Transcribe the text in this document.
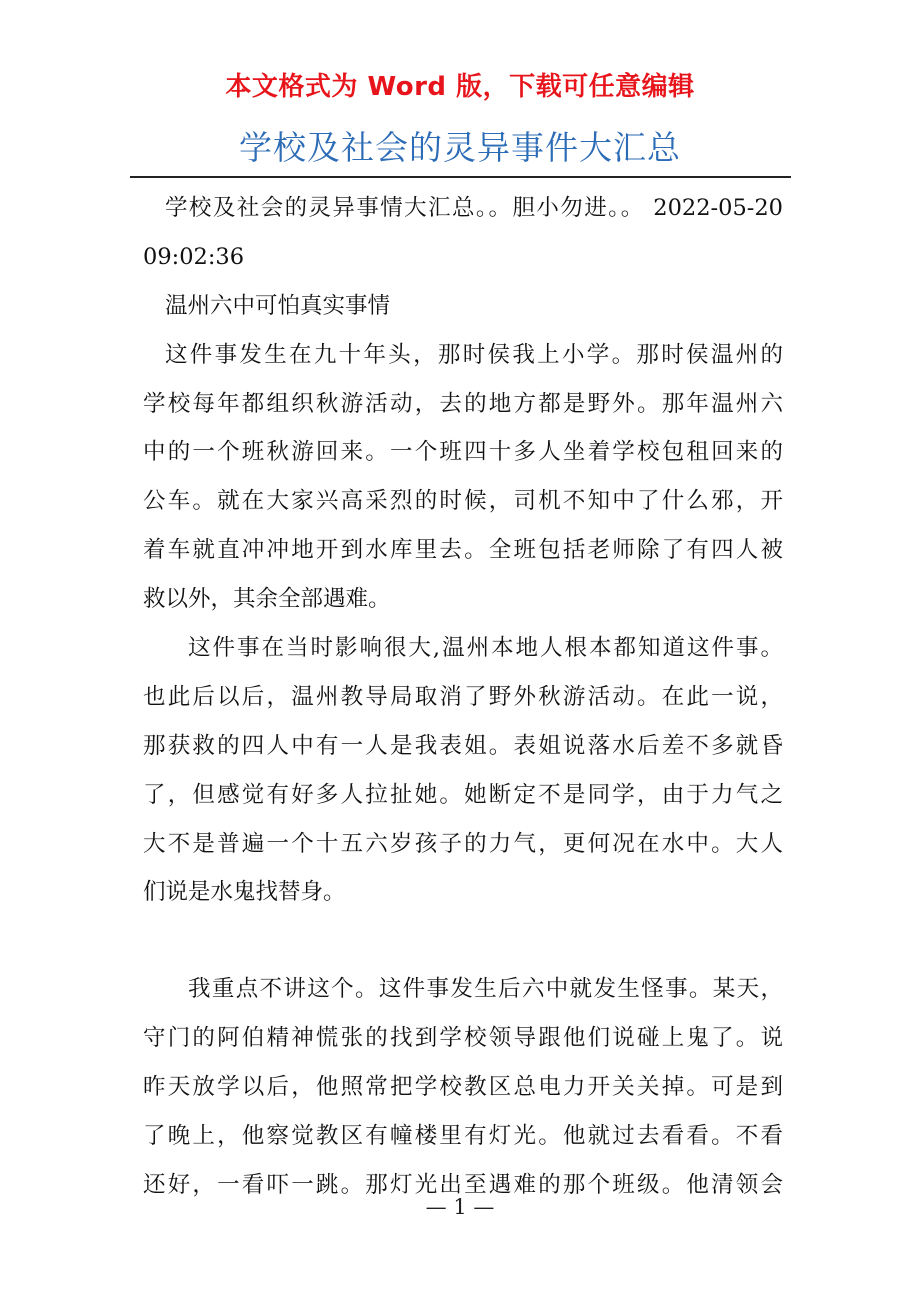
本文格式为 Word 版，下载可任意编辑
学校及社会的灵异事件大汇总
学校及社会的灵异事情大汇总。。胆小勿进。。 2022-05-20
09:02:36
温州六中可怕真实事情
这件事发生在九十年头，那时侯我上小学。那时侯温州的
学校每年都组织秋游活动，去的地方都是野外。那年温州六
中的一个班秋游回来。一个班四十多人坐着学校包租回来的
公车。就在大家兴高采烈的时候，司机不知中了什么邪，开
着车就直冲冲地开到水库里去。全班包括老师除了有四人被
救以外，其余全部遇难。
这件事在当时影响很大,温州本地人根本都知道这件事。
也此后以后，温州教导局取消了野外秋游活动。在此一说，
那获救的四人中有一人是我表姐。表姐说落水后差不多就昏
了，但感觉有好多人拉扯她。她断定不是同学，由于力气之
大不是普遍一个十五六岁孩子的力气，更何况在水中。大人
们说是水鬼找替身。
我重点不讲这个。这件事发生后六中就发生怪事。某天，
守门的阿伯精神慌张的找到学校领导跟他们说碰上鬼了。说
昨天放学以后，他照常把学校教区总电力开关关掉。可是到
了晚上，他察觉教区有幢楼里有灯光。他就过去看看。不看
还好，一看吓一跳。那灯光出至遇难的那个班级。他清领会
— 1 —
